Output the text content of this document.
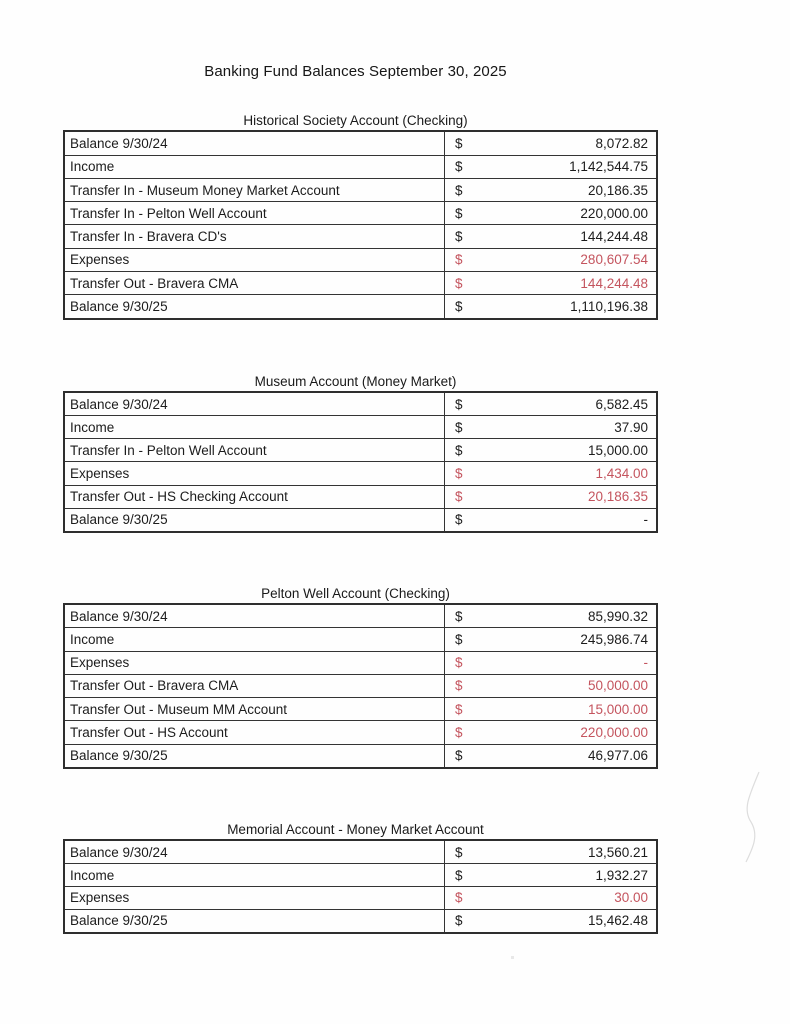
Banking Fund Balances September 30, 2025
Historical Society Account (Checking)
Balance 9/30/24	$ 8,072.82

Income	$ 1,142,544.75

Transfer In - Museum Money Market Account	$ 20,186.35

Transfer In - Pelton Well Account	$ 220,000.00

Transfer In - Bravera CD's	$ 144,244.48

Expenses	$ 280,607.54

Transfer Out - Bravera CMA	$ 144,244.48

Balance 9/30/25	$ 1,110,196.38
Museum Account (Money Market)
Balance 9/30/24	$ 6,582.45

Income	$ 37.90

Transfer In - Pelton Well Account	$ 15,000.00

Expenses	$ 1,434.00

Transfer Out - HS Checking Account	$ 20,186.35

Balance 9/30/25	$ -
Pelton Well Account (Checking)
Balance 9/30/24	$ 85,990.32

Income	$ 245,986.74

Expenses	$ -

Transfer Out - Bravera CMA	$ 50,000.00

Transfer Out - Museum MM Account	$ 15,000.00

Transfer Out - HS Account	$ 220,000.00

Balance 9/30/25	$ 46,977.06
Memorial Account - Money Market Account
Balance 9/30/24	$ 13,560.21

Income	$ 1,932.27

Expenses	$ 30.00

Balance 9/30/25	$ 15,462.48
